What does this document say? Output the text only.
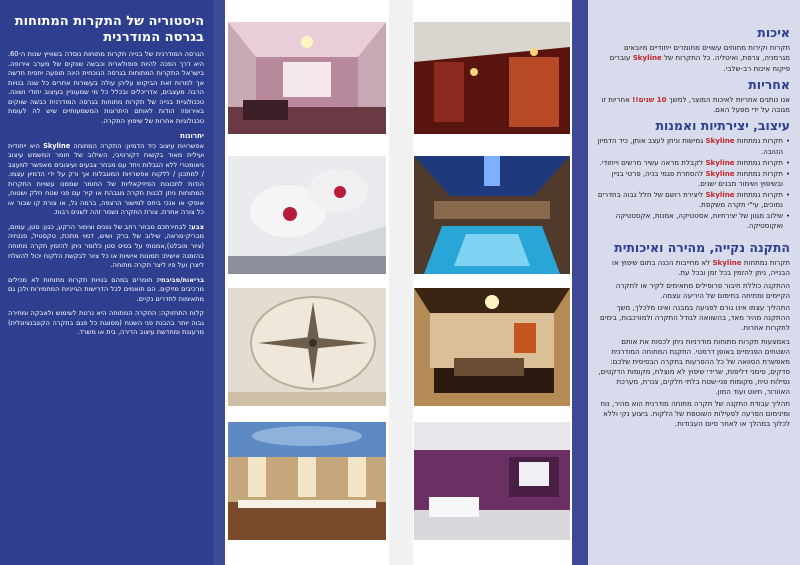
היסטוריה של התקרות המתוחות בגרסה המודרנית

הגרסה המודרנית של בנייה תקרות מתוחות נוסדה בשווייץ שנות ה-60. היא דרך הפכה להיות פופולארית וכבשה שווקים של מערב אירופה. בישראל התקרות המתוחות בגרסה הנוכחית הינה תופעה יחסית חדשה אך למרות זאת הביקוש עליהן עולה בעשורות אחרים כל שנה בנויות הרבה מעצבים, אדריכלים ובכלל כל מי שמעוניין בעיצוב יחודי ושונה. טכנולוגיית בנייה של תקרות מתוחות בגרסה המודרנית כבשה שווקים באירופה הודות לאותם היתרונות המשמעותיים שיש לה לעומת טכנולוגיות אחרות של שיפוץ התקרה.

יתרונות

אפשרויות עיצוב כיד הדמיון: התקרה המתוחה Skyline היא ייחודית ועילית מאוד בקשוח דקורטיבי, השילוב של חומר המשמש עיצוב גיאומטרי ללא הגבלות ויחד עם מבחר צבעים ועיצובים מאפשר למעצב / למתכנן / ללקוח אפשרויות המוגבלות אך ורק על ידי הדמיון עצמו. הודות לתכונות הפיזיקאליות של החומר שממנו עשויות התקרות המתוחות ניתן לבנות תקרה מגבהת או קיר עם פני שטח חלק ושטוח, אופקי או אנכי ביחס למישור הרצפה, ברמה גל, או צורת קו שבור או כל צורה אחרת. צורת התקרה נשמר זהה לשנים רבות.

צבע: לבחירתכם מבחר רחב של גוונים וצימור הרקע, כגון: סטן, עמום, מבריק-מראה, שילוב של ברק ושיש, דמוי מתכת, טקסטיל, פנטזיה (ציור מובלט),אמנותי על בסיס סטן כלומר ניתן להזמין תקרה מתוחה בהזמנה אישית: תמונות אישיות או כל ציור לבקשת הלקוח יכול להשלח ליצרן ועל פיו ליצר תקרה מתוחה.

בריאות/סביבתי: חומרים במהם בנויות תקרות מתוחות לא מכילים מרכיבים מזיקים. הם תואמים לכל הדרישות הגייניות המחמירות ולכן גם מתאימות לחדרים נקיים.

קלות התחזוקה: התקרה המתוחה היא נרטת לשימוש ולאבקה ומחירה גבוה יותר בהבנת פני השטח (מסווגת כל פגם בתקרה הקונבנציונלית) מרעננת ומחדשת עיצוב הדירה, בית או משרד.

איכות

תקרות וקירות מתוחים עשויים מחומרים ייחודיים מיובאים מגרמניה, צרפת, ואיטליה. כל התקרות של Skyline עוברים פיקוח איכות רב-שלבי.

אחריות

אנו נותנים אחריות לאיכות המוצר, למשך 10 שנים!! אחריות זו מגובה על ידי מפעל האם.

עיצוב, יצירתיות ואמנות
• תקרות נמתחות Skyline גמישות וניתן לעצב אותן, כיד הדמיון הטובה.
• תקרות נמתחות Skyline לקבלת מראה עשיר מרשים וייחודי.
• תקרות נמתחות Skyline להסתרת פגמי בניה, פרטי בניין ובשיפוץ ושימור מבנים ישנים.
• תקרות נמתחות Skyline ליצירת רושם של חלל גבוה בחדרים נמוכים, עי"י תקרה משקפת.
• שילוב מגוון של יצירתיות, אסטטיקה, אמנות, אקסטטיקה ואקוסטיקה.
התקנה נקייה, מהירה ואיכותית

תקרות נמתחות Skyline לא מחייבות הכנה בתום שיפוץ או הבנייה, ניתן להזמין בכל זמן ובכל עת.

ההתקנה כוללת חיבור פרופילים מתאימים לקיר או לתקרה הקיימים ומתיחה בחימום של היריעה עצמה.

התהליך עצמו אינו גורם לפגיעה במבנה ואינו מלכלך, משך ההתקנה מהיר מאד, בהשוואה לגודל התקרה ולמורכבות, בימים לתקרות אחרות.

באמצעות תקרות מתוחות מודרניות ניתן לכסות את אותם השטחים הפנימיים באופן דרמטי. התקנת המתוחה המודרנית מאפשרת הסוואה של כל ההפרעות בתקרה הבסיסית שלכם: סדקים, סימני דליפות, שרידי שיפוץ לא מוצלח, מקומות הדקטים, נפילות טיח, מקומות פני-שטח בלתי חלקים, צנרת, מערכת האוורור, חיווט ועוד המון.

תהליך עבודת התקנה של תקרה מתוחה מודרנית הוא מהיר, נוח ומינימום הפרעה לפעילות השוטפת של הלקוח. ביצוע נקי וללא לכלוך במהלך או לאחר סיום העבודות.
